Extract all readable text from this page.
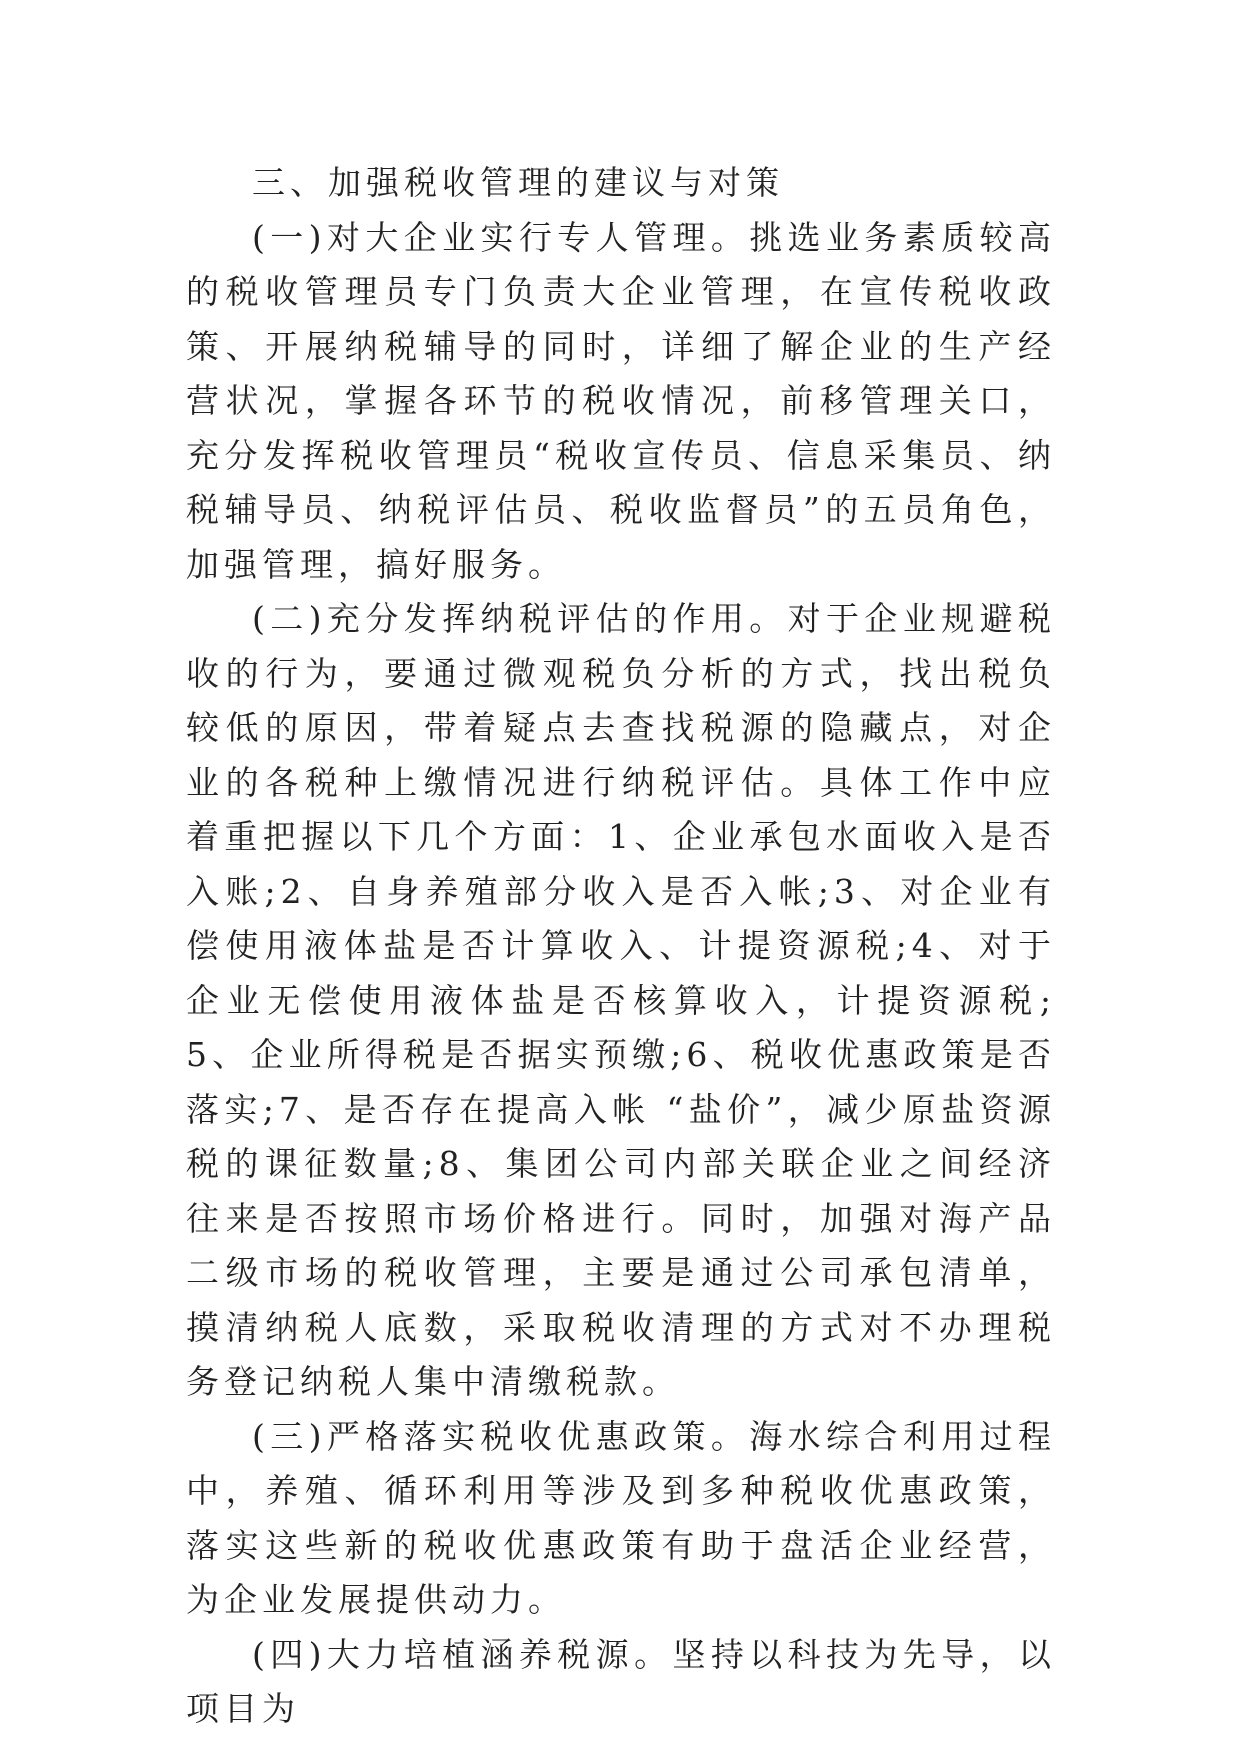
三、加强税收管理的建议与对策

(一)对大企业实行专人管理。挑选业务素质较高的税收管理员专门负责大企业管理，在宣传税收政策、开展纳税辅导的同时，详细了解企业的生产经营状况，掌握各环节的税收情况，前移管理关口，充分发挥税收管理员“税收宣传员、信息采集员、纳税辅导员、纳税评估员、税收监督员”的五员角色，加强管理，搞好服务。

(二)充分发挥纳税评估的作用。对于企业规避税收的行为，要通过微观税负分析的方式，找出税负较低的原因，带着疑点去查找税源的隐藏点，对企业的各税种上缴情况进行纳税评估。具体工作中应着重把握以下几个方面：1、企业承包水面收入是否入账;2、自身养殖部分收入是否入帐;3、对企业有偿使用液体盐是否计算收入、计提资源税;4、对于企业无偿使用液体盐是否核算收入，计提资源税;5、企业所得税是否据实预缴;6、税收优惠政策是否落实;7、是否存在提高入帐 “盐价”，减少原盐资源税的课征数量;8、集团公司内部关联企业之间经济往来是否按照市场价格进行。同时，加强对海产品二级市场的税收管理，主要是通过公司承包清单，摸清纳税人底数，采取税收清理的方式对不办理税务登记纳税人集中清缴税款。

(三)严格落实税收优惠政策。海水综合利用过程中，养殖、循环利用等涉及到多种税收优惠政策，落实这些新的税收优惠政策有助于盘活企业经营，为企业发展提供动力。

(四)大力培植涵养税源。坚持以科技为先导，以项目为
